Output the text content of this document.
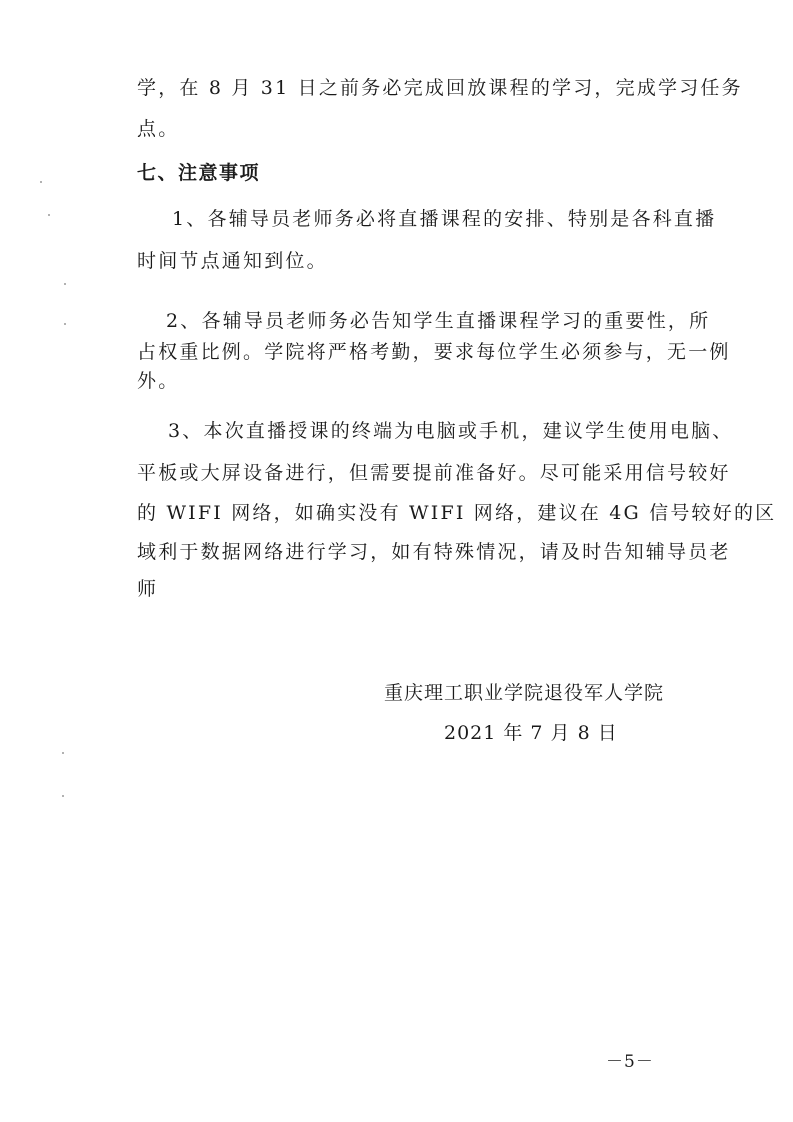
学，在 8 月 31 日之前务必完成回放课程的学习，完成学习任务
点。
七、注意事项
1、各辅导员老师务必将直播课程的安排、特别是各科直播
时间节点通知到位。
2、各辅导员老师务必告知学生直播课程学习的重要性，所
占权重比例。学院将严格考勤，要求每位学生必须参与，无一例
外。
3、本次直播授课的终端为电脑或手机，建议学生使用电脑、
平板或大屏设备进行，但需要提前准备好。尽可能采用信号较好
的 WIFI 网络，如确实没有 WIFI 网络，建议在 4G 信号较好的区
域利于数据网络进行学习，如有特殊情况，请及时告知辅导员老
师
重庆理工职业学院退役军人学院
2021 年 7 月 8 日
－5－
